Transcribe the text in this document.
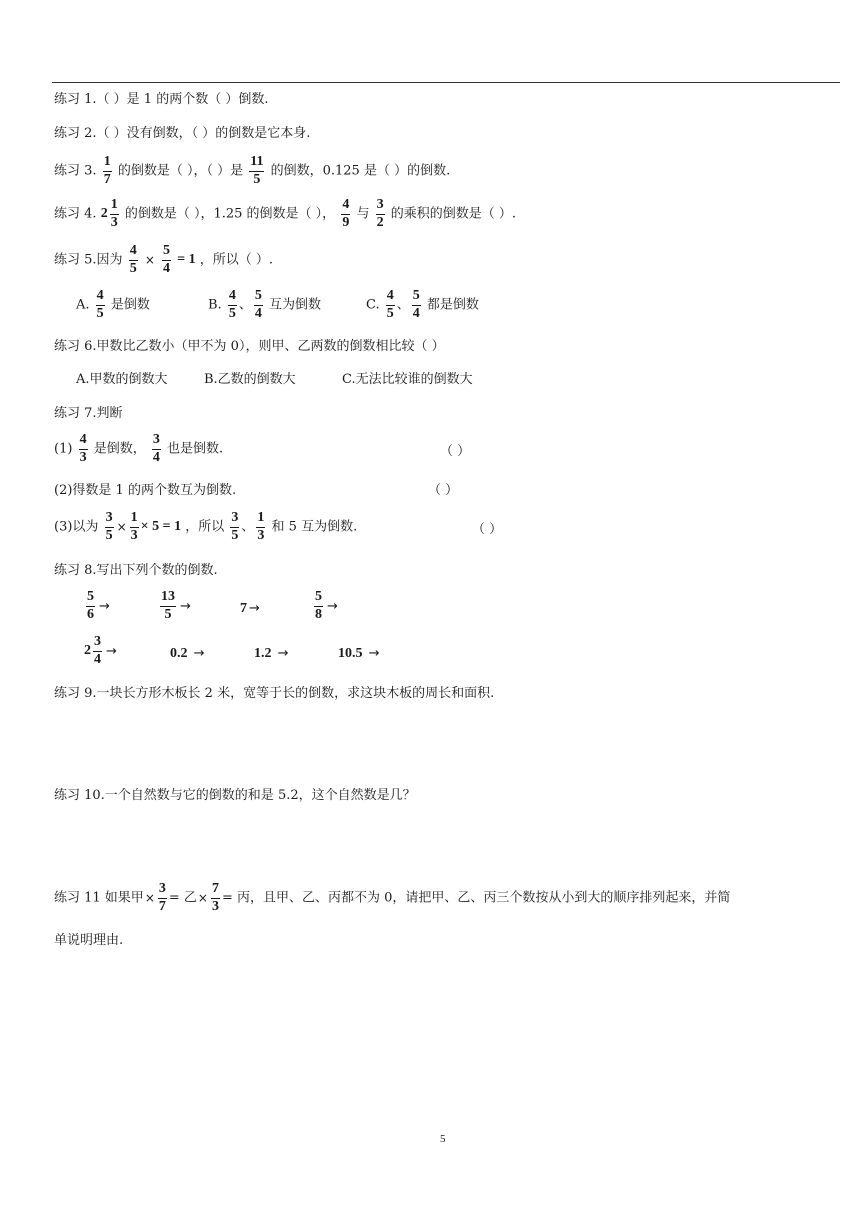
练习 1.（ ）是 1 的两个数（ ）倒数.
练习 2.（ ）没有倒数，（ ）的倒数是它本身.
练习 3. $\frac{1}{7}$ 的倒数是（ ），（ ）是 $\frac{11}{5}$ 的倒数，0.125 是（ ）的倒数.
练习 4. $2 \frac{1}{3}$ 的倒数是（ ），1.25 的倒数是（ ）， $\frac{4}{9}$ 与 $\frac{3}{2}$ 的乘积的倒数是（ ）.
练习 5.因为 $\frac{4}{5} \times \frac{5}{4} = 1$ ，所以（ ）.
A. $\frac{4}{5}$ 是倒数	B. $\frac{4}{5}$ 、 $\frac{5}{4}$ 互为倒数	C. $\frac{4}{5}$ 、 $\frac{5}{4}$ 都是倒数
练习 6.甲数比乙数小（甲不为 0），则甲、乙两数的倒数相比较（ ）
A.甲数的倒数大	B.乙数的倒数大	C.无法比较谁的倒数大
练习 7.判断
$(1) \frac{4}{3}$ 是倒数， $\frac{3}{4}$ 也是倒数.	（ ）
(2)得数是 1 的两个数互为倒数.	（ ）
(3)以为 $\frac{3}{5} \times \frac{1}{3} \times 5 = 1$ ，所以 $\frac{3}{5}$ 、 $\frac{1}{3}$ 和 5 互为倒数.	（ ）
练习 8.写出下列个数的倒数.
$\frac{5}{6}$ →	$\frac{13}{5}$ →	7 →	$\frac{5}{8}$ →
$2 \frac{3}{4}$ →	0.2 →	1.2 →	10.5 →
练习 9.一块长方形木板长 2 米，宽等于长的倒数，求这块木板的周长和面积.
练习 10.一个自然数与它的倒数的和是 5.2，这个自然数是几？
练习 11 如果甲× $\frac{3}{7}$ = 乙× $\frac{7}{3}$ = 丙，且甲、乙、丙都不为 0，请把甲、乙、丙三个数按从小到大的顺序排列起来，并简
单说明理由.
5
